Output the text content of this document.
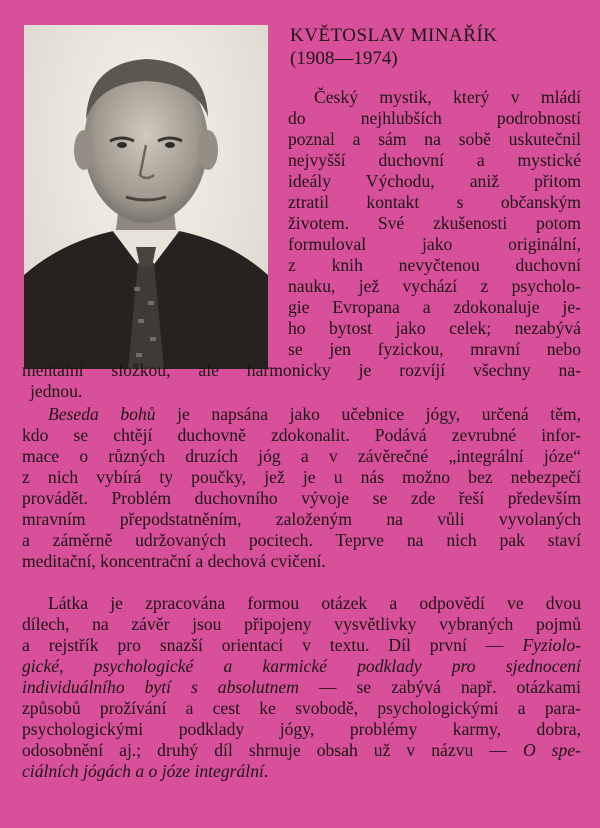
KVĚTOSLAV MINAŘÍK
(1908—1974)
Český mystik, který v mládí
do nejhlubších podrobností
poznal a sám na sobě uskutečnil
nejvyšší duchovní a mystické
ideály Východu, aniž přitom
ztratil kontakt s občanským
životem. Své zkušenosti potom
formuloval jako originální,
z knih nevyčtenou duchovní
nauku, jež vychází z psycholo-
gie Evropana a zdokonaluje je-
ho bytost jako celek; nezabývá
se jen fyzickou, mravní nebo
mentální složkou, ale harmonicky je rozvíjí všechny na-
jednou.
Beseda bohů je napsána jako učebnice jógy, určená těm,
kdo se chtějí duchovně zdokonalit. Podává zevrubné infor-
mace o různých druzích jóg a v závěrečné „integrální józe“
z nich vybírá ty poučky, jež je u nás možno bez nebezpečí
provádět. Problém duchovního vývoje se zde řeší především
mravním přepodstatněním, založeným na vůli vyvolaných
a záměrně udržovaných pocitech. Teprve na nich pak staví
meditační, koncentrační a dechová cvičení.
Látka je zpracována formou otázek a odpovědí ve dvou
dílech, na závěr jsou připojeny vysvětlivky vybraných pojmů
a rejstřík pro snazší orientaci v textu. Díl první — Fyziolo-
gické, psychologické a karmické podklady pro sjednocení
individuálního bytí s absolutnem — se zabývá např. otázkami
způsobů prožívání a cest ke svobodě, psychologickými a para-
psychologickými podklady jógy, problémy karmy, dobra,
odosobnění aj.; druhý díl shrnuje obsah už v názvu — O spe-
ciálních jógách a o józe integrální.
